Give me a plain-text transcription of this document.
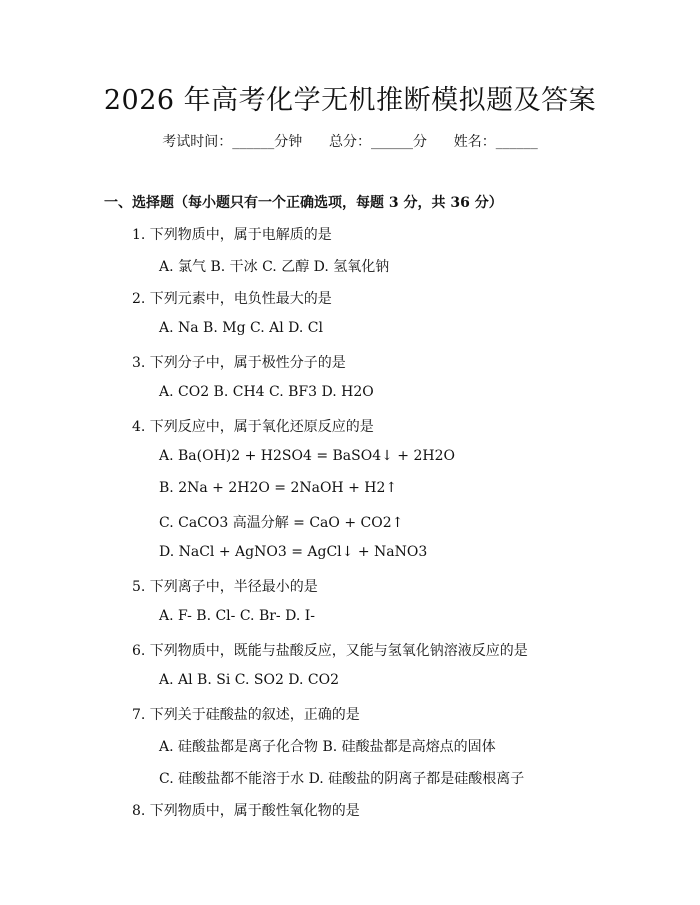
2026 年高考化学无机推断模拟题及答案
考试时间：______分钟      总分：______分      姓名：______
一、选择题（每小题只有一个正确选项，每题 3 分，共 36 分）
1. 下列物质中，属于电解质的是
A. 氯气 B. 干冰 C. 乙醇 D. 氢氧化钠
2. 下列元素中，电负性最大的是
A. Na B. Mg C. Al D. Cl
3. 下列分子中，属于极性分子的是
A. CO2 B. CH4 C. BF3 D. H2O
4. 下列反应中，属于氧化还原反应的是
A. Ba(OH)2 + H2SO4 = BaSO4↓ + 2H2O
B. 2Na + 2H2O = 2NaOH + H2↑
C. CaCO3 高温分解 = CaO + CO2↑
D. NaCl + AgNO3 = AgCl↓ + NaNO3
5. 下列离子中，半径最小的是
A. F- B. Cl- C. Br- D. I-
6. 下列物质中，既能与盐酸反应，又能与氢氧化钠溶液反应的是
A. Al B. Si C. SO2 D. CO2
7. 下列关于硅酸盐的叙述，正确的是
A. 硅酸盐都是离子化合物 B. 硅酸盐都是高熔点的固体
C. 硅酸盐都不能溶于水 D. 硅酸盐的阴离子都是硅酸根离子
8. 下列物质中，属于酸性氧化物的是
